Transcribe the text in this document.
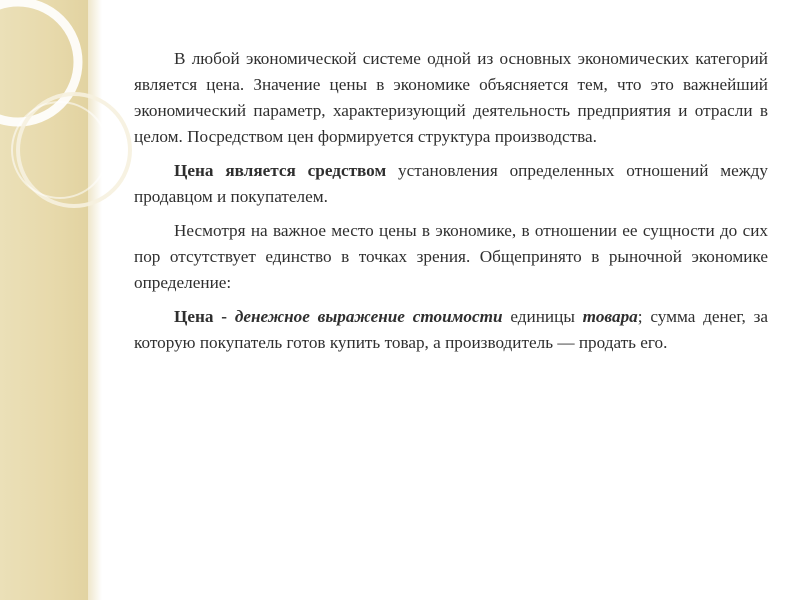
В любой экономической системе одной из основных экономических категорий является цена. Значение цены в экономике объясняется тем, что это важнейший экономический параметр, характеризующий деятельность предприятия и отрасли в целом. Посредством цен формируется структура производства.

Цена является средством установления определенных отношений между продавцом и покупателем.

Несмотря на важное место цены в экономике, в отношении ее сущности до сих пор отсутствует единство в точках зрения. Общепринято в рыночной экономике определение:

Цена - денежное выражение стоимости единицы товара; сумма денег, за которую покупатель готов купить товар, а производитель — продать его.
